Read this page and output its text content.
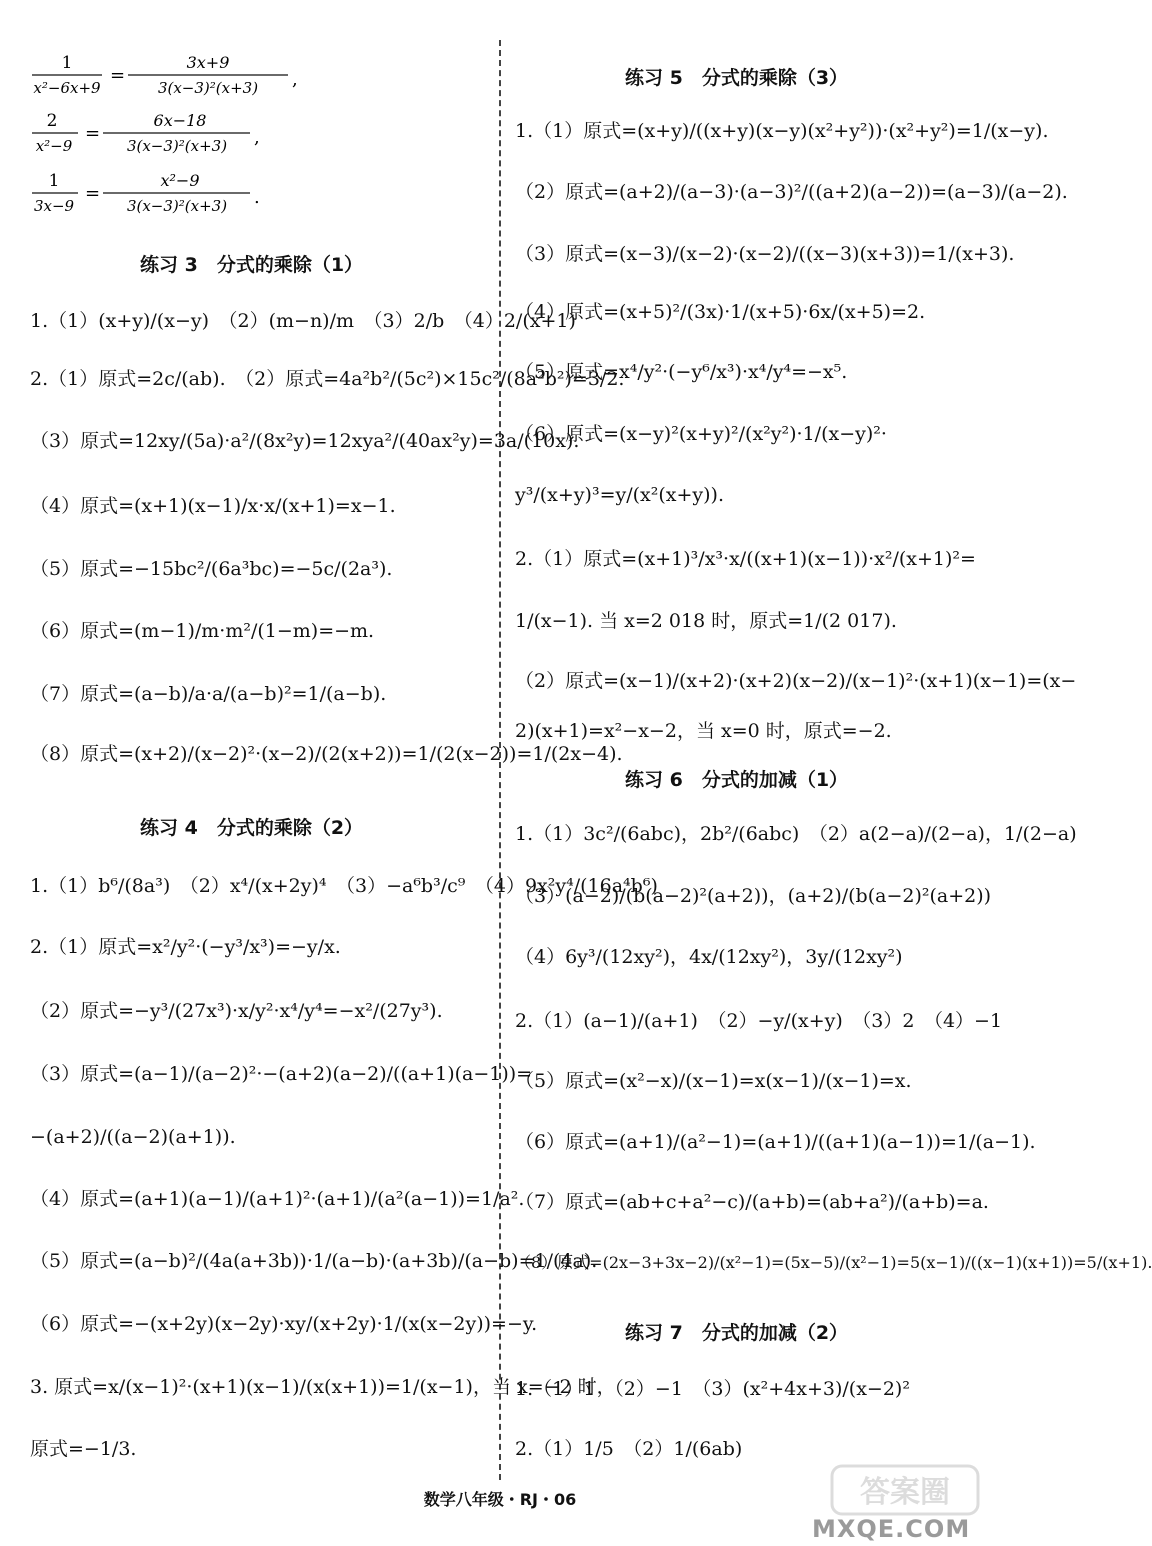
1
x²−6x+9
=
3x+9
3(x−3)²(x+3) ,
2
x²−9
=
6x−18
3(x−3)²(x+3) ,
1
3x−9
=
x²−9
3(x−3)²(x+3) .
练习 3　分式的乘除（1）
1.（1）(x+y)/(x−y)　（2）(m−n)/m　（3）2/b　（4）2/(x+1)
2.（1）原式=2c/(ab).　（2）原式=4a²b²/(5c²)×15c²/(8a²b²)=3/2.
（3）原式=12xy/(5a)·a²/(8x²y)=12xya²/(40ax²y)=3a/(10x).
（4）原式=(x+1)(x−1)/x·x/(x+1)=x−1.
（5）原式=−15bc²/(6a³bc)=−5c/(2a³).
（6）原式=(m−1)/m·m²/(1−m)=−m.
（7）原式=(a−b)/a·a/(a−b)²=1/(a−b).
（8）原式=(x+2)/(x−2)²·(x−2)/(2(x+2))=1/(2(x−2))=1/(2x−4).
练习 4　分式的乘除（2）
1.（1）b⁶/(8a³)　（2）x⁴/(x+2y)⁴　（3）−a⁶b³/c⁹　（4）9x²y⁴/(16a⁴b⁶)
2.（1）原式=x²/y²·(−y³/x³)=−y/x.
（2）原式=−y³/(27x³)·x/y²·x⁴/y⁴=−x²/(27y³).
（3）原式=(a−1)/(a−2)²·−(a+2)(a−2)/((a+1)(a−1))=
−(a+2)/((a−2)(a+1)).
（4）原式=(a+1)(a−1)/(a+1)²·(a+1)/(a²(a−1))=1/a².
（5）原式=(a−b)²/(4a(a+3b))·1/(a−b)·(a+3b)/(a−b)=1/(4a).
（6）原式=−(x+2y)(x−2y)·xy/(x+2y)·1/(x(x−2y))=−y.
3. 原式=x/(x−1)²·(x+1)(x−1)/(x(x+1))=1/(x−1)，当 x=−2 时，
原式=−1/3.
练习 5　分式的乘除（3）
1.（1）原式=(x+y)/((x+y)(x−y)(x²+y²))·(x²+y²)=1/(x−y).
（2）原式=(a+2)/(a−3)·(a−3)²/((a+2)(a−2))=(a−3)/(a−2).
（3）原式=(x−3)/(x−2)·(x−2)/((x−3)(x+3))=1/(x+3).
（4）原式=(x+5)²/(3x)·1/(x+5)·6x/(x+5)=2.
（5）原式=x⁴/y²·(−y⁶/x³)·x⁴/y⁴=−x⁵.
（6）原式=(x−y)²(x+y)²/(x²y²)·1/(x−y)²·
y³/(x+y)³=y/(x²(x+y)).
2.（1）原式=(x+1)³/x³·x/((x+1)(x−1))·x²/(x+1)²=
1/(x−1). 当 x=2 018 时，原式=1/(2 017).
（2）原式=(x−1)/(x+2)·(x+2)(x−2)/(x−1)²·(x+1)(x−1)=(x−
2)(x+1)=x²−x−2，当 x=0 时，原式=−2.
练习 6　分式的加减（1）
1.（1）3c²/(6abc)，2b²/(6abc)　（2）a(2−a)/(2−a)，1/(2−a)
（3）(a−2)/(b(a−2)²(a+2))，(a+2)/(b(a−2)²(a+2))
（4）6y³/(12xy²)，4x/(12xy²)，3y/(12xy²)
2.（1）(a−1)/(a+1)　（2）−y/(x+y)　（3）2　（4）−1
（5）原式=(x²−x)/(x−1)=x(x−1)/(x−1)=x.
（6）原式=(a+1)/(a²−1)=(a+1)/((a+1)(a−1))=1/(a−1).
（7）原式=(ab+c+a²−c)/(a+b)=(ab+a²)/(a+b)=a.
（8）原式=(2x−3+3x−2)/(x²−1)=(5x−5)/(x²−1)=5(x−1)/((x−1)(x+1))=5/(x+1).
练习 7　分式的加减（2）
1.（1）1　（2）−1　（3）(x²+4x+3)/(x−2)²
2.（1）1/5　（2）1/(6ab)
数学八年级・RJ・06	答案圈
MXQE.COM
